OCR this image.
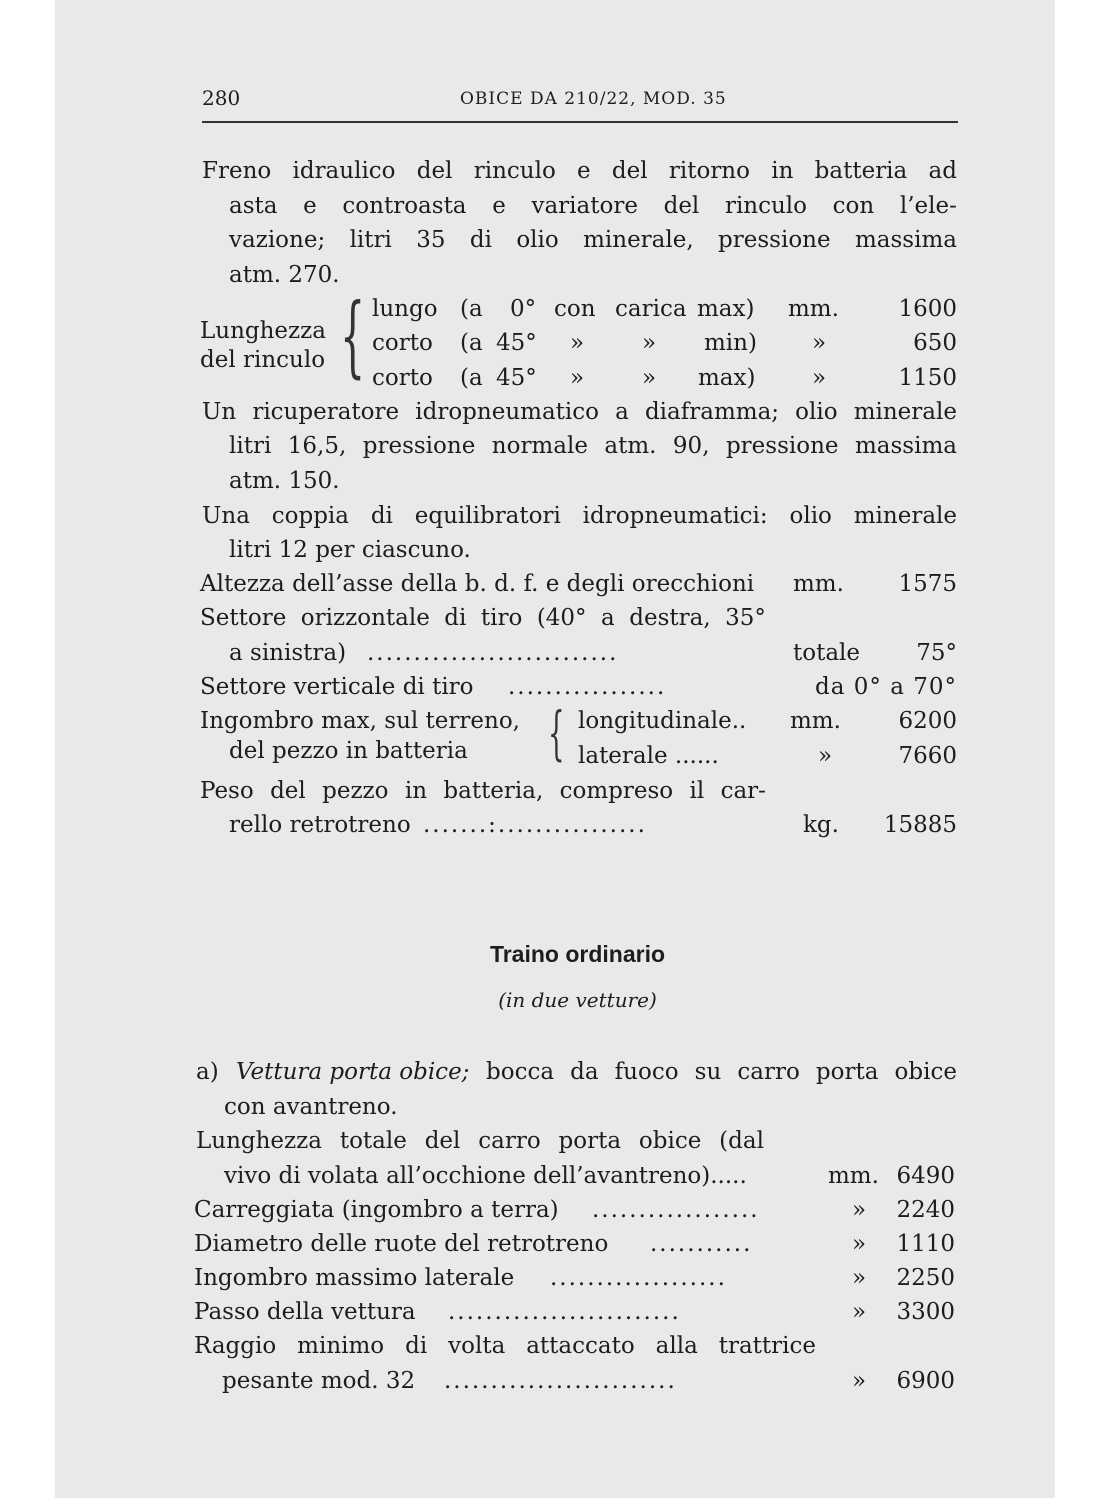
280	OBICE DA 210/22, MOD. 35
Freno idraulico del rinculo e del ritorno in batteria ad
asta e controasta e variatore del rinculo con l’ele-
vazione; litri 35 di olio minerale, pressione massima
atm. 270.
Lunghezza
del rinculo { lungo (a 0° con carica max) mm.	1600
corto (a 45° »	» min) »	650
corto (a 45° »	» max) »	1150
Un ricuperatore idropneumatico a diaframma; olio minerale
litri 16,5, pressione normale atm. 90, pressione massima
atm. 150.
Una coppia di equilibratori idropneumatici: olio minerale
litri 12 per ciascuno.
Altezza dell’asse della b. d. f. e degli orecchioni mm. 1575
Settore orizzontale di tiro (40° a destra, 35°
a sinistra) ...........................	totale 75°
Settore verticale di tiro .................	da 0° a 70°
Ingombro max, sul terreno,
del pezzo in batteria { longitudinale.. mm.	6200
laterale ......	»	7660
Peso del pezzo in batteria, compreso il car-
rello retrotreno .......:................	kg. 15885
Traino ordinario
(in due vetture)
a) Vettura porta obice; bocca da fuoco su carro porta obice
con avantreno.
Lunghezza totale del carro porta obice (dal
vivo di volata all’occhione dell’avantreno).....	mm. 6490
Carreggiata (ingombro a terra) ..................	» 2240
Diametro delle ruote del retrotreno ...........	» 1110
Ingombro massimo laterale ...................	» 2250
Passo della vettura .........................	» 3300
Raggio minimo di volta attaccato alla trattrice
pesante mod. 32 .........................	» 6900
